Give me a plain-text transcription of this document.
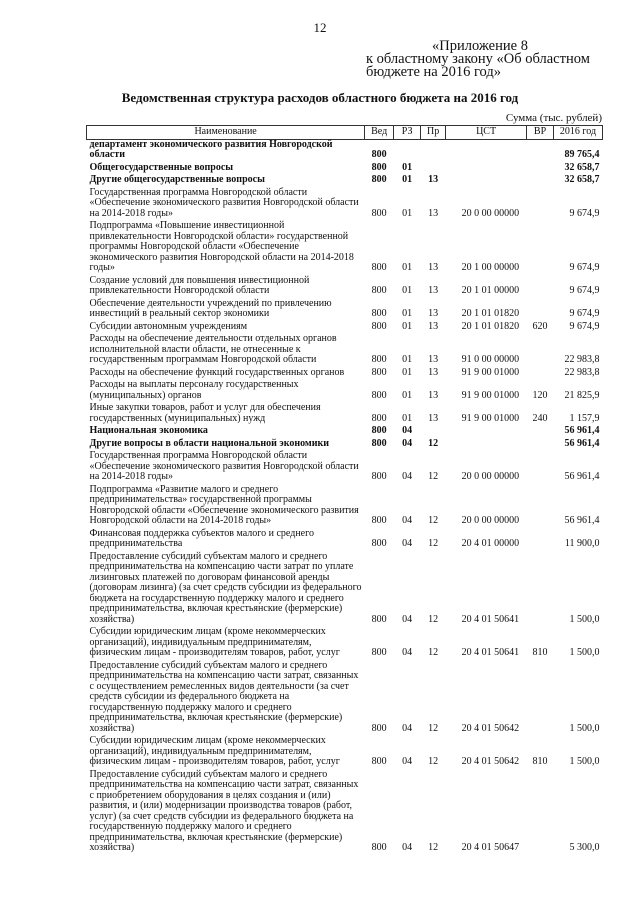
12
«Приложение 8
к областному закону «Об областном
бюджете на 2016 год»
Ведомственная структура расходов областного бюджета на 2016 год
Сумма (тыс. рублей)
Наименование	Вед	РЗ	Пр	ЦСТ	ВР	2016 год
департамент экономического развития Новгородской области	800					89 765,4
Общегосударственные вопросы	800	01				32 658,7
Другие общегосударственные вопросы	800	01	13			32 658,7
Государственная программа Новгородской области «Обеспечение экономического развития Новгородской области на 2014-2018 годы»	800	01	13	20 0 00 00000		9 674,9
Подпрограмма «Повышение инвестиционной привлекательности Новгородской области» государственной программы Новгородской области «Обеспечение экономического развития Новгородской области на 2014-2018 годы»	800	01	13	20 1 00 00000		9 674,9
Создание условий для повышения инвестиционной привлекательности Новгородской области	800	01	13	20 1 01 00000		9 674,9
Обеспечение деятельности учреждений по привлечению инвестиций в реальный сектор экономики	800	01	13	20 1 01 01820		9 674,9
Субсидии автономным учреждениям	800	01	13	20 1 01 01820	620	9 674,9
Расходы на обеспечение деятельности отдельных органов исполнительной власти области, не отнесенные к государственным программам Новгородской области	800	01	13	91 0 00 00000		22 983,8
Расходы на обеспечение функций государственных органов	800	01	13	91 9 00 01000		22 983,8
Расходы на выплаты персоналу государственных (муниципальных) органов	800	01	13	91 9 00 01000	120	21 825,9
Иные закупки товаров, работ и услуг для обеспечения государственных (муниципальных) нужд	800	01	13	91 9 00 01000	240	1 157,9
Национальная экономика	800	04				56 961,4
Другие вопросы в области национальной экономики	800	04	12			56 961,4
Государственная программа Новгородской области «Обеспечение экономического развития Новгородской области на 2014-2018 годы»	800	04	12	20 0 00 00000		56 961,4
Подпрограмма «Развитие малого и среднего предпринимательства» государственной программы Новгородской области «Обеспечение экономического развития Новгородской области на 2014-2018 годы»	800	04	12	20 0 00 00000		56 961,4
Финансовая поддержка субъектов малого и среднего предпринимательства	800	04	12	20 4 01 00000		11 900,0
Предоставление субсидий субъектам малого и среднего предпринимательства на компенсацию части затрат по уплате лизинговых платежей по договорам финансовой аренды (договорам лизинга) (за счет средств субсидии из федерального бюджета на государственную поддержку малого и среднего предпринимательства, включая крестьянские (фермерские) хозяйства)	800	04	12	20 4 01 50641		1 500,0
Субсидии юридическим лицам (кроме некоммерческих организаций), индивидуальным предпринимателям, физическим лицам - производителям товаров, работ, услуг	800	04	12	20 4 01 50641	810	1 500,0
Предоставление субсидий субъектам малого и среднего предпринимательства на компенсацию части затрат, связанных с осуществлением ремесленных видов деятельности (за счет средств субсидии из федерального бюджета на государственную поддержку малого и среднего предпринимательства, включая крестьянские (фермерские) хозяйства)	800	04	12	20 4 01 50642		1 500,0
Субсидии юридическим лицам (кроме некоммерческих организаций), индивидуальным предпринимателям, физическим лицам - производителям товаров, работ, услуг	800	04	12	20 4 01 50642	810	1 500,0
Предоставление субсидий субъектам малого и среднего предпринимательства на компенсацию части затрат, связанных с приобретением оборудования в целях создания и (или) развития, и (или) модернизации производства товаров (работ, услуг) (за счет средств субсидии из федерального бюджета на государственную поддержку малого и среднего предпринимательства, включая крестьянские (фермерские) хозяйства)	800	04	12	20 4 01 50647		5 300,0
